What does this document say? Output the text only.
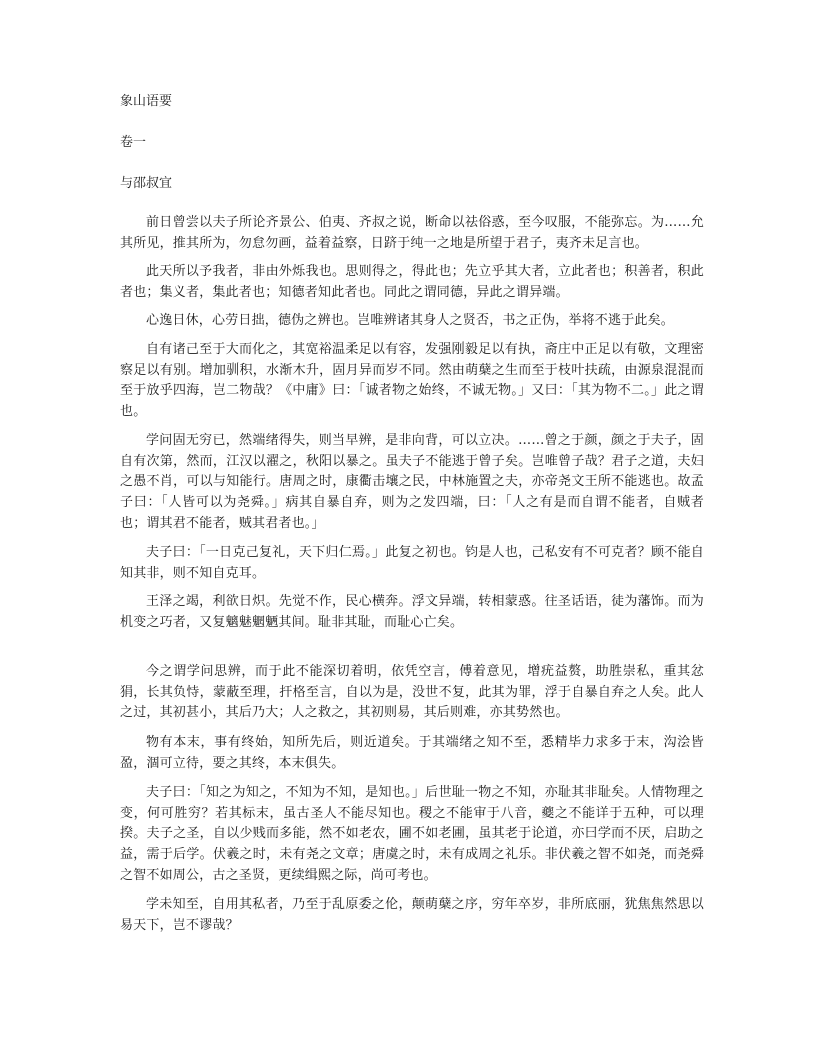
象山语要
卷一
与邵叔宜

前日曾尝以夫子所论齐景公、伯夷、齐叔之说，断命以祛俗惑，至今叹服，不能弥忘。为……允其所见，推其所为，勿怠勿画，益着益察，日跻于纯一之地是所望于君子，夷齐未足言也。

此天所以予我者，非由外烁我也。思则得之，得此也；先立乎其大者，立此者也；积善者，积此者也；集义者，集此者也；知德者知此者也。同此之谓同德，异此之谓异端。

心逸日休，心劳日拙，德伪之辨也。岂唯辨诸其身人之贤否，书之正伪，举将不逃于此矣。

自有诸己至于大而化之，其宽裕温柔足以有容，发强刚毅足以有执，斋庄中正足以有敬，文理密察足以有别。增加驯积，水渐木升，固月异而岁不同。然由萌蘖之生而至于枝叶扶疏，由源泉混混而至于放乎四海，岂二物哉？《中庸》曰：「诚者物之始终，不诚无物。」又曰：「其为物不二。」此之谓也。

学问固无穷已，然端绪得失，则当早辨，是非向背，可以立决。……曾之于颜，颜之于夫子，固自有次第，然而，江汉以濯之，秋阳以暴之。虽夫子不能逃于曾子矣。岂唯曾子哉？君子之道，夫妇之愚不肖，可以与知能行。唐周之时，康衢击壤之民，中林施置之夫，亦帝尧文王所不能逃也。故孟子曰：「人皆可以为尧舜。」病其自暴自弃，则为之发四端，曰：「人之有是而自谓不能者，自贼者也；谓其君不能者，贼其君者也。」

夫子曰：「一日克己复礼，天下归仁焉。」此复之初也。钧是人也，己私安有不可克者？顾不能自知其非，则不知自克耳。

王泽之竭，利欲日炽。先觉不作，民心横奔。浮文异端，转相蒙惑。往圣话语，徒为藩饰。而为机变之巧者，又复魑魅魍魉其间。耻非其耻，而耻心亡矣。

今之谓学问思辨，而于此不能深切着明，依凭空言，傅着意见，增疣益赘，助胜崇私，重其忿狷，长其负恃，蒙蔽至理，扞格至言，自以为是，没世不复，此其为罪，浮于自暴自弃之人矣。此人之过，其初甚小，其后乃大；人之救之，其初则易，其后则难，亦其势然也。

物有本末，事有终始，知所先后，则近道矣。于其端绪之知不至，悉精毕力求多于末，沟浍皆盈，涸可立待，要之其终，本末俱失。

夫子曰：「知之为知之，不知为不知，是知也。」后世耻一物之不知，亦耻其非耻矣。人情物理之变，何可胜穷？若其标末，虽古圣人不能尽知也。稷之不能审于八音，夔之不能详于五种，可以理揆。夫子之圣，自以少贱而多能，然不如老农，圃不如老圃，虽其老于论道，亦曰学而不厌，启助之益，需于后学。伏羲之时，未有尧之文章；唐虞之时，未有成周之礼乐。非伏羲之智不如尧，而尧舜之智不如周公，古之圣贤，更续缉熙之际，尚可考也。

学未知至，自用其私者，乃至于乱原委之伦，颠萌蘖之序，穷年卒岁，非所底丽，犹焦焦然思以易天下，岂不谬哉？
